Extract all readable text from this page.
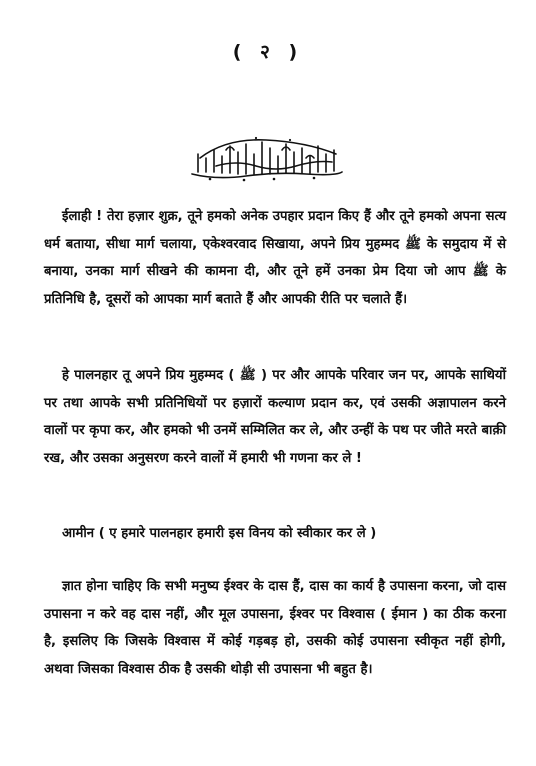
( २ )

ईलाही ! तेरा हज़ार शुक्र, तूने हमको अनेक उपहार प्रदान किए हैं और तूने हमको अपना सत्य धर्म बताया, सीधा मार्ग चलाया, एकेश्वरवाद सिखाया, अपने प्रिय मुहम्मद ﷺ के समुदाय में से बनाया, उनका मार्ग सीखने की कामना दी, और तूने हमें उनका प्रेम दिया जो आप ﷺ के प्रतिनिधि है, दूसरों को आपका मार्ग बताते हैं और आपकी रीति पर चलाते हैं।

हे पालनहार तू अपने प्रिय मुहम्मद ( ﷺ ) पर और आपके परिवार जन पर, आपके साथियों पर तथा आपके सभी प्रतिनिधियों पर हज़ारों कल्याण प्रदान कर, एवं उसकी अज्ञापालन करने वालों पर कृपा कर, और हमको भी उनमें सम्मिलित कर ले, और उन्हीं के पथ पर जीते मरते बाक़ी रख, और उसका अनुसरण करने वालों में हमारी भी गणना कर ले !

आमीन ( ए हमारे पालनहार हमारी इस विनय को स्वीकार कर ले )

ज्ञात होना चाहिए कि सभी मनुष्य ईश्वर के दास हैं, दास का कार्य है उपासना करना, जो दास उपासना न करे वह दास नहीं, और मूल उपासना, ईश्वर पर विश्वास ( ईमान ) का ठीक करना है, इसलिए कि जिसके विश्वास में कोई गड़बड़ हो, उसकी कोई उपासना स्वीकृत नहीं होगी, अथवा जिसका विश्वास ठीक है उसकी थोड़ी सी उपासना भी बहुत है।
